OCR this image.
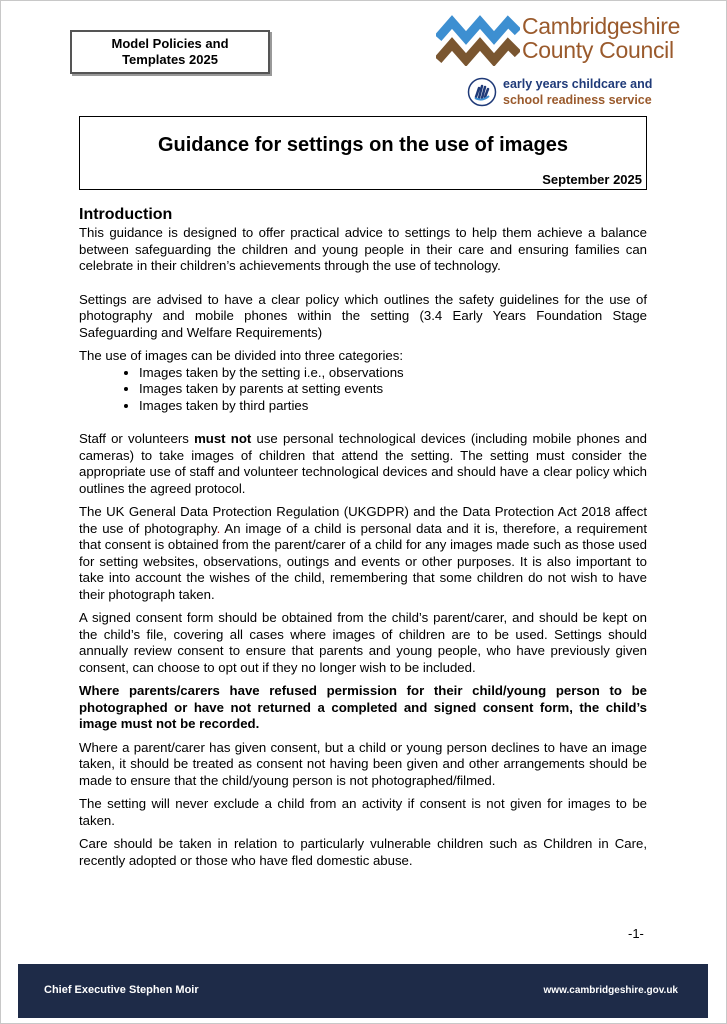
Model Policies and
Templates 2025
Cambridgeshire
County Council
early years childcare and
school readiness service
Guidance for settings on the use of images
September 2025
Introduction

This guidance is designed to offer practical advice to settings to help them achieve a balance between safeguarding the children and young people in their care and ensuring families can celebrate in their children’s achievements through the use of technology.

Settings are advised to have a clear policy which outlines the safety guidelines for the use of photography and mobile phones within the setting (3.4 Early Years Foundation Stage Safeguarding and Welfare Requirements)

The use of images can be divided into three categories:

• Images taken by the setting i.e., observations
• Images taken by parents at setting events
• Images taken by third parties

Staff or volunteers must not use personal technological devices (including mobile phones and cameras) to take images of children that attend the setting. The setting must consider the appropriate use of staff and volunteer technological devices and should have a clear policy which outlines the agreed protocol.

The UK General Data Protection Regulation (UKGDPR) and the Data Protection Act 2018 affect the use of photography. An image of a child is personal data and it is, therefore, a requirement that consent is obtained from the parent/carer of a child for any images made such as those used for setting websites, observations, outings and events or other purposes. It is also important to take into account the wishes of the child, remembering that some children do not wish to have their photograph taken.

A signed consent form should be obtained from the child’s parent/carer, and should be kept on the child’s file, covering all cases where images of children are to be used. Settings should annually review consent to ensure that parents and young people, who have previously given consent, can choose to opt out if they no longer wish to be included.

Where parents/carers have refused permission for their child/young person to be photographed or have not returned a completed and signed consent form, the child’s image must not be recorded.

Where a parent/carer has given consent, but a child or young person declines to have an image taken, it should be treated as consent not having been given and other arrangements should be made to ensure that the child/young person is not photographed/filmed.

The setting will never exclude a child from an activity if consent is not given for images to be taken.

Care should be taken in relation to particularly vulnerable children such as Children in Care, recently adopted or those who have fled domestic abuse.

-1-
Chief Executive Stephen Moir	www.cambridgeshire.gov.uk
